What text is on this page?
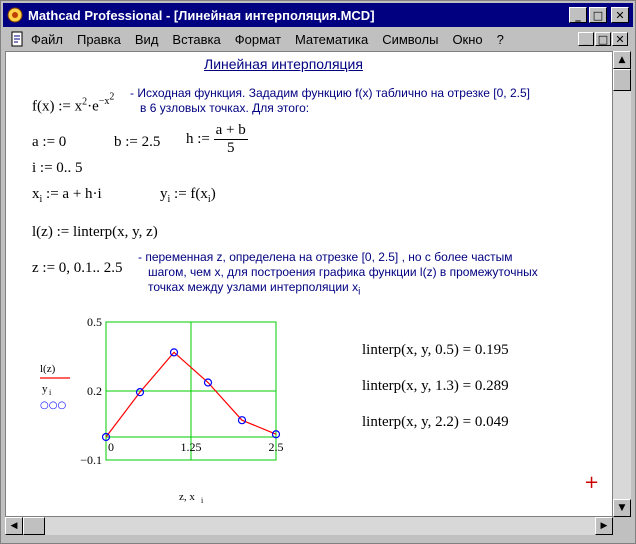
Mathcad Professional - [Линейная интерполяция.MCD]	_ □ ✕
Файл Правка Вид Вставка Формат Математика Символы Окно ?	_ □ ✕
Линейная интерполяция
f(x) := $x^2\cdot e^{-x^2}$ - Исходная функция. Зададим функцию f(x) таблично на отрезке [0, 2.5]
в 6 узловых точках. Для этого:
a := 0	b := 2.5 h := $\frac{a + b}{5}$
i := 0.. 5
$x_i$ := a + h·i	$y_i$ := $f(x_i)$
l(z) := linterp(x, y, z)
z := 0, 0.1.. 2.5
- переменная z, определена на отрезке [0, 2.5] , но с более частым
шагом, чем x, для построения графика функции l(z) в промежуточных
точках между узлами интерполяции $x_i$
0.5
0.2
−0.1
0	1.25	2.5
l(z)
y i
○○○
z, x i
linterp(x, y, 0.5) = 0.195
linterp(x, y, 1.3) = 0.289
linterp(x, y, 2.2) = 0.049
+
▲
▼
◀	▶
